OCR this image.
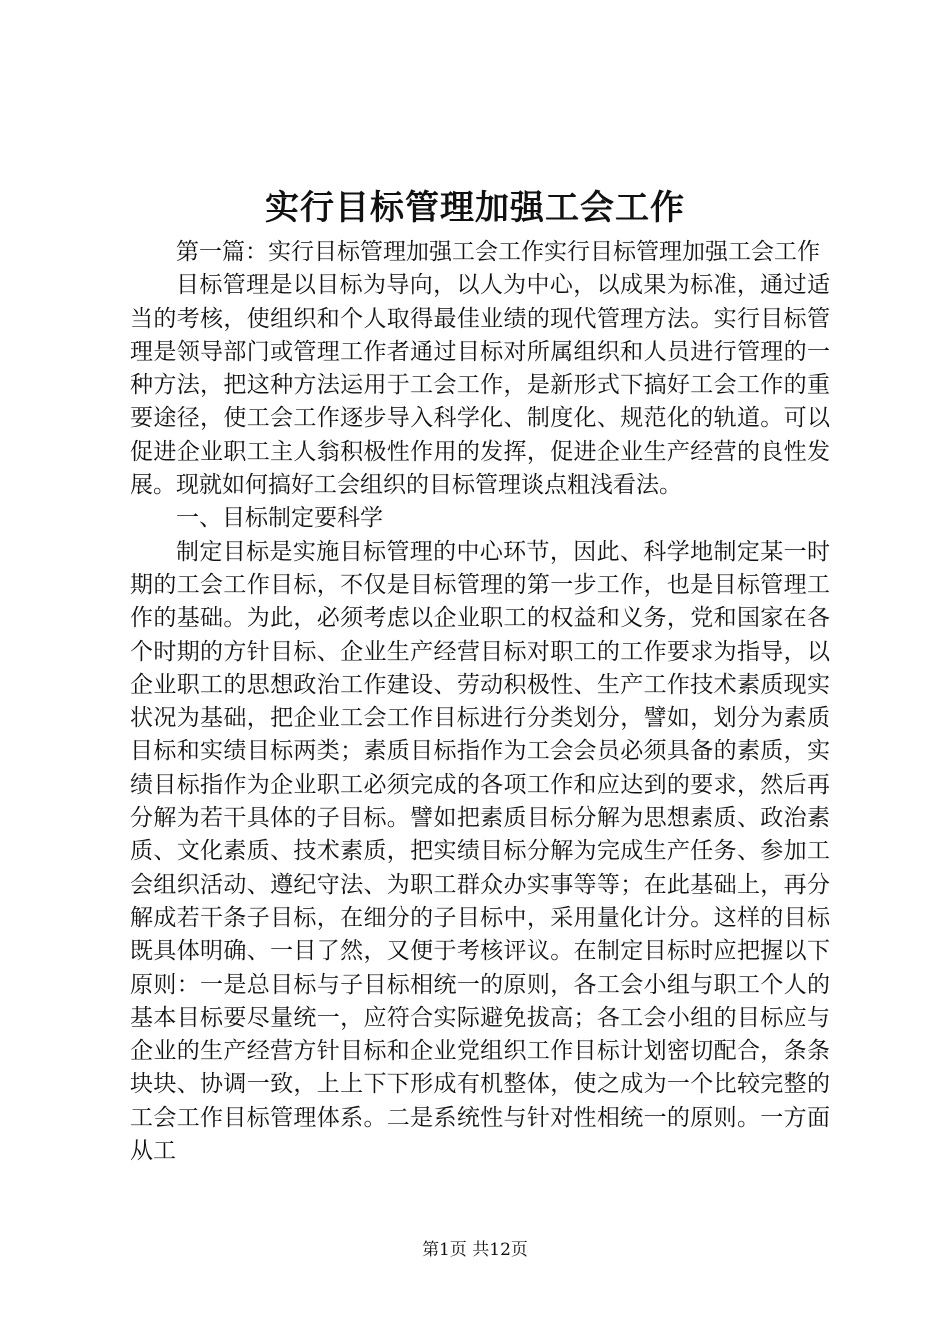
实行目标管理加强工会工作

第一篇：实行目标管理加强工会工作实行目标管理加强工会工作

目标管理是以目标为导向，以人为中心，以成果为标准，通过适当的考核，使组织和个人取得最佳业绩的现代管理方法。实行目标管理是领导部门或管理工作者通过目标对所属组织和人员进行管理的一种方法，把这种方法运用于工会工作，是新形式下搞好工会工作的重要途径，使工会工作逐步导入科学化、制度化、规范化的轨道。可以促进企业职工主人翁积极性作用的发挥，促进企业生产经营的良性发展。现就如何搞好工会组织的目标管理谈点粗浅看法。

一、目标制定要科学

制定目标是实施目标管理的中心环节，因此、科学地制定某一时期的工会工作目标，不仅是目标管理的第一步工作，也是目标管理工作的基础。为此，必须考虑以企业职工的权益和义务，党和国家在各个时期的方针目标、企业生产经营目标对职工的工作要求为指导，以企业职工的思想政治工作建设、劳动积极性、生产工作技术素质现实状况为基础，把企业工会工作目标进行分类划分，譬如，划分为素质目标和实绩目标两类；素质目标指作为工会会员必须具备的素质，实绩目标指作为企业职工必须完成的各项工作和应达到的要求，然后再分解为若干具体的子目标。譬如把素质目标分解为思想素质、政治素质、文化素质、技术素质，把实绩目标分解为完成生产任务、参加工会组织活动、遵纪守法、为职工群众办实事等等；在此基础上，再分解成若干条子目标，在细分的子目标中，采用量化计分。这样的目标既具体明确、一目了然，又便于考核评议。在制定目标时应把握以下原则：一是总目标与子目标相统一的原则，各工会小组与职工个人的基本目标要尽量统一，应符合实际避免拔高；各工会小组的目标应与企业的生产经营方针目标和企业党组织工作目标计划密切配合，条条块块、协调一致，上上下下形成有机整体，使之成为一个比较完整的工会工作目标管理体系。二是系统性与针对性相统一的原则。一方面从工

第1页 共12页
